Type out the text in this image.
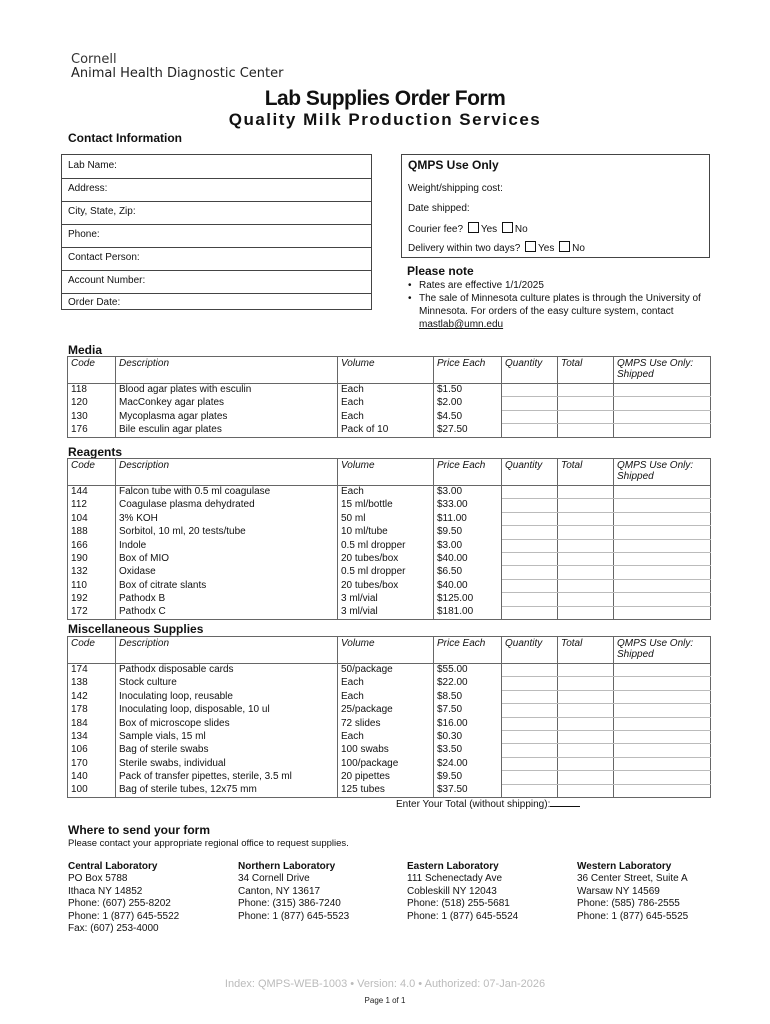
Cornell
Animal Health Diagnostic Center
Lab Supplies Order Form
Quality Milk Production Services
Contact Information
Lab Name:
Address:
City, State, Zip:
Phone:
Contact Person:
Account Number:
Order Date:
QMPS Use Only
Weight/shipping cost:
Date shipped:
Courier fee? Yes No
Delivery within two days? Yes No
Please note
• Rates are effective 1/1/2025
• The sale of Minnesota culture plates is through the University of Minnesota. For orders of the easy culture system, contact
mastlab@umn.edu
Media
Reagents
Miscellaneous Supplies
Code	Description	Volume	Price Each	Quantity	Total	QMPS Use Only: Shipped
118	Blood agar plates with esculin	Each	$1.50			
120	MacConkey agar plates	Each	$2.00			
130	Mycoplasma agar plates	Each	$4.50			
176	Bile esculin agar plates	Pack of 10	$27.50			
Code	Description	Volume	Price Each	Quantity	Total	QMPS Use Only: Shipped
144	Falcon tube with 0.5 ml coagulase	Each	$3.00			
112	Coagulase plasma dehydrated	15 ml/bottle	$33.00			
104	3% KOH	50 ml	$11.00			
188	Sorbitol, 10 ml, 20 tests/tube	10 ml/tube	$9.50			
166	Indole	0.5 ml dropper	$3.00			
190	Box of MIO	20 tubes/box	$40.00			
132	Oxidase	0.5 ml dropper	$6.50			
110	Box of citrate slants	20 tubes/box	$40.00			
192	Pathodx B	3 ml/vial	$125.00			
172	Pathodx C	3 ml/vial	$181.00			
Code	Description	Volume	Price Each	Quantity	Total	QMPS Use Only: Shipped
174	Pathodx disposable cards	50/package	$55.00			
138	Stock culture	Each	$22.00			
142	Inoculating loop, reusable	Each	$8.50			
178	Inoculating loop, disposable, 10 ul	25/package	$7.50			
184	Box of microscope slides	72 slides	$16.00			
134	Sample vials, 15 ml	Each	$0.30			
106	Bag of sterile swabs	100 swabs	$3.50			
170	Sterile swabs, individual	100/package	$24.00			
140	Pack of transfer pipettes, sterile, 3.5 ml	20 pipettes	$9.50			
100	Bag of sterile tubes, 12x75 mm	125 tubes	$37.50			
Enter Your Total (without shipping):
Where to send your form
Please contact your appropriate regional office to request supplies.
Central Laboratory
PO Box 5788
Ithaca NY 14852
Phone: (607) 255-8202
Phone: 1 (877) 645-5522
Fax: (607) 253-4000
Northern Laboratory
34 Cornell Drive
Canton, NY 13617
Phone: (315) 386-7240
Phone: 1 (877) 645-5523
Eastern Laboratory
111 Schenectady Ave
Cobleskill NY 12043
Phone: (518) 255-5681
Phone: 1 (877) 645-5524
Western Laboratory
36 Center Street, Suite A
Warsaw NY 14569
Phone: (585) 786-2555
Phone: 1 (877) 645-5525
Index: QMPS-WEB-1003 • Version: 4.0 • Authorized: 07-Jan-2026
Page 1 of 1
